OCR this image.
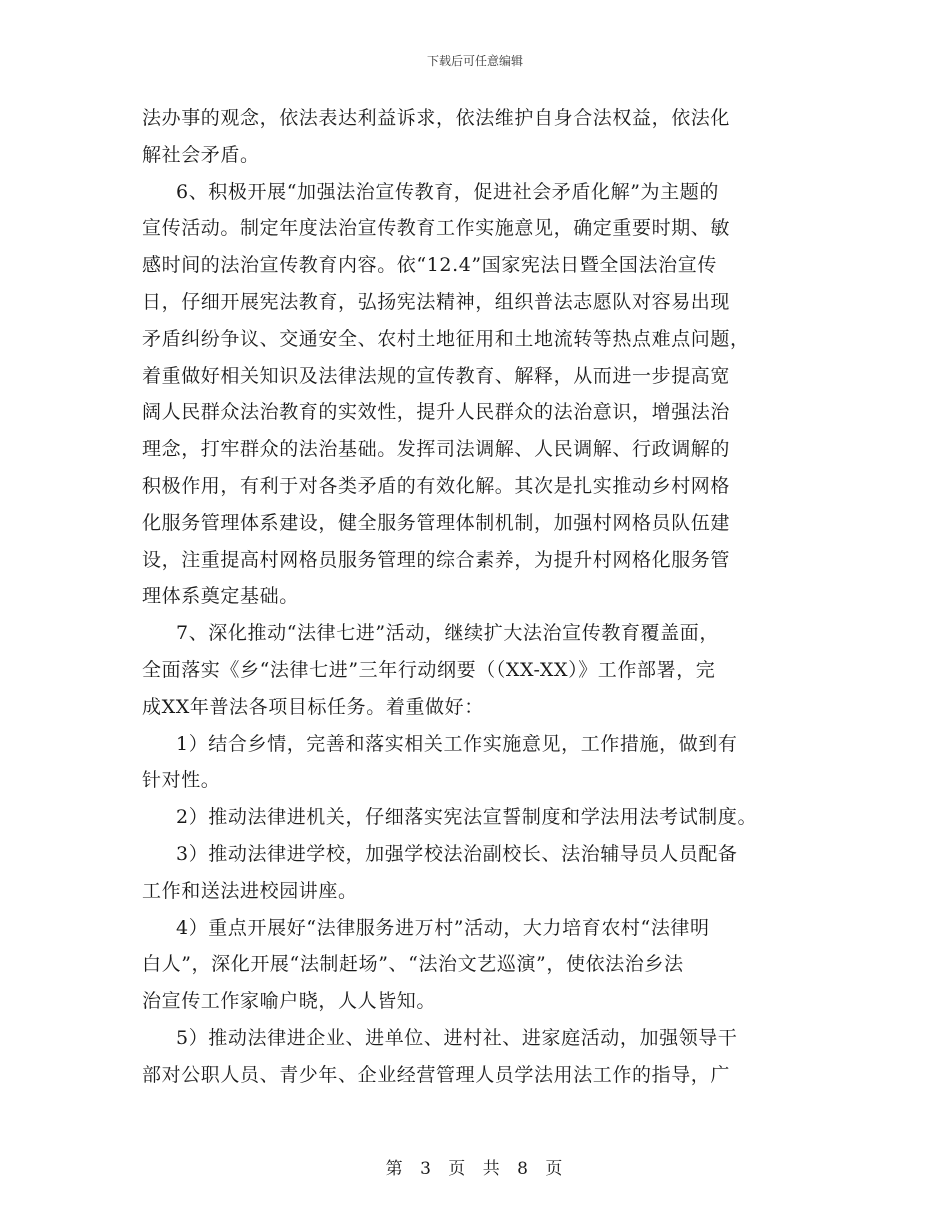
下载后可任意编辑
法办事的观念，依法表达利益诉求，依法维护自身合法权益，依法化
解社会矛盾。
6、积极开展“加强法治宣传教育，促进社会矛盾化解”为主题的
宣传活动。制定年度法治宣传教育工作实施意见，确定重要时期、敏
感时间的法治宣传教育内容。依“12.4”国家宪法日暨全国法治宣传
日，仔细开展宪法教育，弘扬宪法精神，组织普法志愿队对容易出现
矛盾纠纷争议、交通安全、农村土地征用和土地流转等热点难点问题，
着重做好相关知识及法律法规的宣传教育、解释，从而进一步提高宽
阔人民群众法治教育的实效性，提升人民群众的法治意识，增强法治
理念，打牢群众的法治基础。发挥司法调解、人民调解、行政调解的
积极作用，有利于对各类矛盾的有效化解。其次是扎实推动乡村网格
化服务管理体系建设，健全服务管理体制机制，加强村网格员队伍建
设，注重提高村网格员服务管理的综合素养，为提升村网格化服务管
理体系奠定基础。
7、深化推动“法律七进”活动，继续扩大法治宣传教育覆盖面，
全面落实《乡“法律七进”三年行动纲要（（XX-XX）》工作部署，完
成XX年普法各项目标任务。着重做好：
1）结合乡情，完善和落实相关工作实施意见，工作措施，做到有
针对性。
2）推动法律进机关，仔细落实宪法宣誓制度和学法用法考试制度。
3）推动法律进学校，加强学校法治副校长、法治辅导员人员配备
工作和送法进校园讲座。
4）重点开展好“法律服务进万村”活动，大力培育农村“法律明
白人”，深化开展“法制赶场”、“法治文艺巡演”，使依法治乡法
治宣传工作家喻户晓，人人皆知。
5）推动法律进企业、进单位、进村社、进家庭活动，加强领导干
部对公职人员、青少年、企业经营管理人员学法用法工作的指导，广
第 3 页 共 8 页
